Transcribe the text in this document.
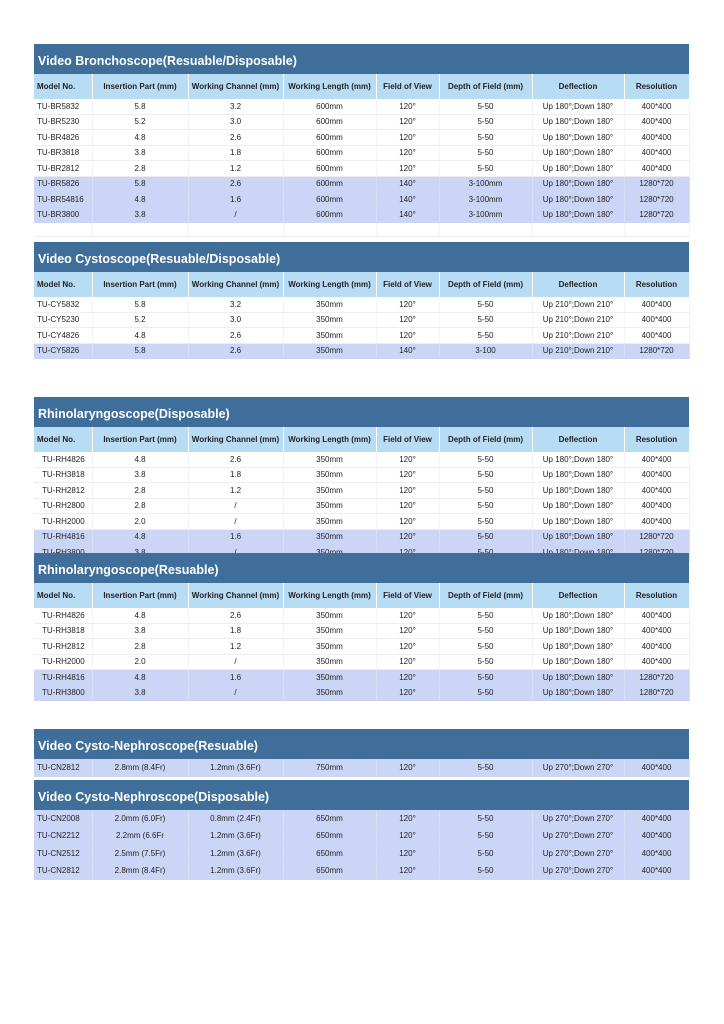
Video Bronchoscope(Resuable/Disposable)
Model No.	Insertion Part (mm)	Working Channel (mm)	Working Length (mm)	Field of View	Depth of Field (mm)	Deflection	Resolution
TU-BR5832	5.8	3.2	600mm	120°	5-50	Up 180°;Down 180°	400*400
TU-BR5230	5.2	3.0	600mm	120°	5-50	Up 180°;Down 180°	400*400
TU-BR4826	4.8	2.6	600mm	120°	5-50	Up 180°;Down 180°	400*400
TU-BR3818	3.8	1.8	600mm	120°	5-50	Up 180°;Down 180°	400*400
TU-BR2812	2.8	1.2	600mm	120°	5-50	Up 180°;Down 180°	400*400
TU-BR5826	5.8	2.6	600mm	140°	3-100mm	Up 180°;Down 180°	1280*720
TU-BR54816	4.8	1.6	600mm	140°	3-100mm	Up 180°;Down 180°	1280*720
TU-BR3800	3.8	/	600mm	140°	3-100mm	Up 180°;Down 180°	1280*720

Video Cystoscope(Resuable/Disposable)
Model No.	Insertion Part (mm)	Working Channel (mm)	Working Length (mm)	Field of View	Depth of Field (mm)	Deflection	Resolution
TU-CY5832	5.8	3.2	350mm	120°	5-50	Up 210°;Down 210°	400*400
TU-CY5230	5.2	3.0	350mm	120°	5-50	Up 210°;Down 210°	400*400
TU-CY4826	4.8	2.6	350mm	120°	5-50	Up 210°;Down 210°	400*400
TU-CY5826	5.8	2.6	350mm	140°	3-100	Up 210°;Down 210°	1280*720
Rhinolaryngoscope(Disposable)
Model No.	Insertion Part (mm)	Working Channel (mm)	Working Length (mm)	Field of View	Depth of Field (mm)	Deflection	Resolution
TU-RH4826	4.8	2.6	350mm	120°	5-50	Up 180°;Down 180°	400*400
TU-RH3818	3.8	1.8	350mm	120°	5-50	Up 180°;Down 180°	400*400
TU-RH2812	2.8	1.2	350mm	120°	5-50	Up 180°;Down 180°	400*400
TU-RH2800	2.8	/	350mm	120°	5-50	Up 180°;Down 180°	400*400
TU-RH2000	2.0	/	350mm	120°	5-50	Up 180°;Down 180°	400*400
TU-RH4816	4.8	1.6	350mm	120°	5-50	Up 180°;Down 180°	1280*720

Rhinolaryngoscope(Resuable)
Model No.	Insertion Part (mm)	Working Channel (mm)	Working Length (mm)	Field of View	Depth of Field (mm)	Deflection	Resolution
TU-RH4826	4.8	2.6	350mm	120°	5-50	Up 180°;Down 180°	400*400
TU-RH3818	3.8	1.8	350mm	120°	5-50	Up 180°;Down 180°	400*400
TU-RH2812	2.8	1.2	350mm	120°	5-50	Up 180°;Down 180°	400*400
TU-RH2000	2.0	/	350mm	120°	5-50	Up 180°;Down 180°	400*400
TU-RH4816	4.8	1.6	350mm	120°	5-50	Up 180°;Down 180°	1280*720
TU-RH3800	3.8	/	350mm	120°	5-50	Up 180°;Down 180°	1280*720
Video Cysto-Nephroscope(Resuable)
TU-CN2812	2.8mm (8.4Fr)	1.2mm (3.6Fr)	750mm	120°	5-50	Up 270°;Down 270°	400*400
Video Cysto-Nephroscope(Disposable)
TU-CN2008	2.0mm (6.0Fr)	0.8mm (2.4Fr)	650mm	120°	5-50	Up 270°;Down 270°	400*400
TU-CN2212	2.2mm (6.6Fr	1.2mm (3.6Fr)	650mm	120°	5-50	Up 270°;Down 270°	400*400
TU-CN2512	2.5mm (7.5Fr)	1.2mm (3.6Fr)	650mm	120°	5-50	Up 270°;Down 270°	400*400
TU-CN2812	2.8mm (8.4Fr)	1.2mm (3.6Fr)	650mm	120°	5-50	Up 270°;Down 270°	400*400
